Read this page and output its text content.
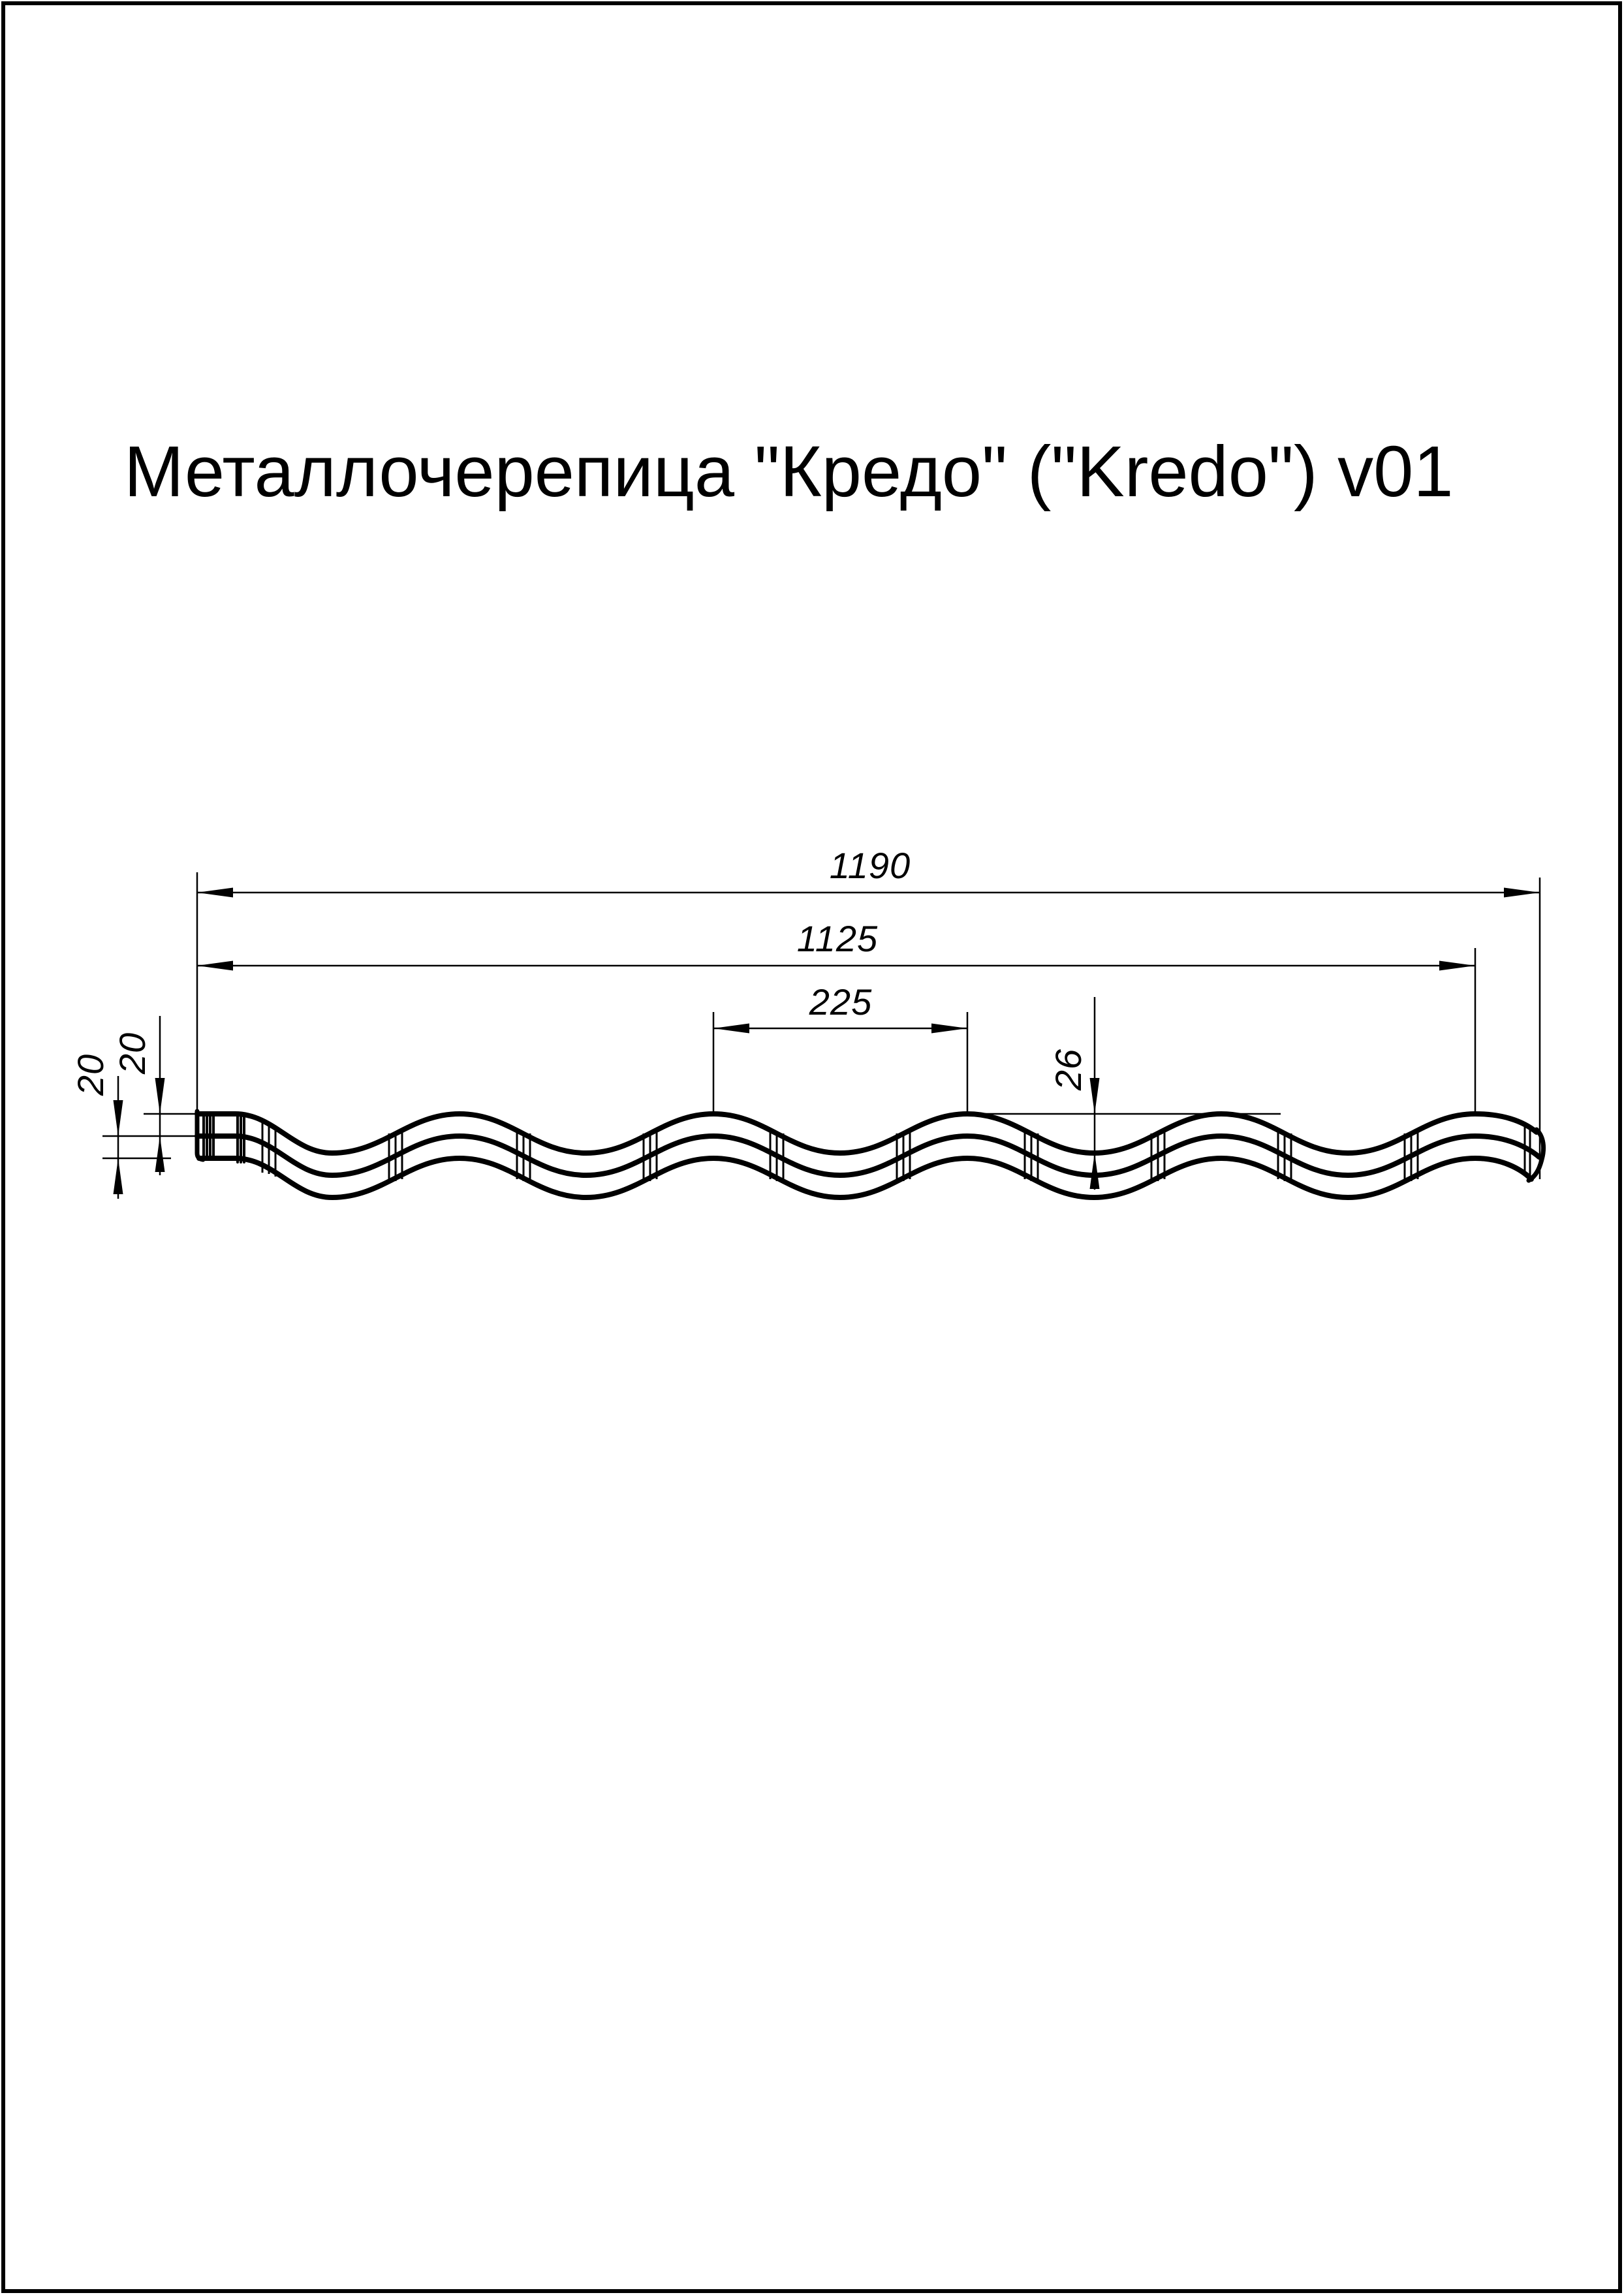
Металлочерепица "Кредо" ("Kredo") v01
1190
1125
225
26
20
20
